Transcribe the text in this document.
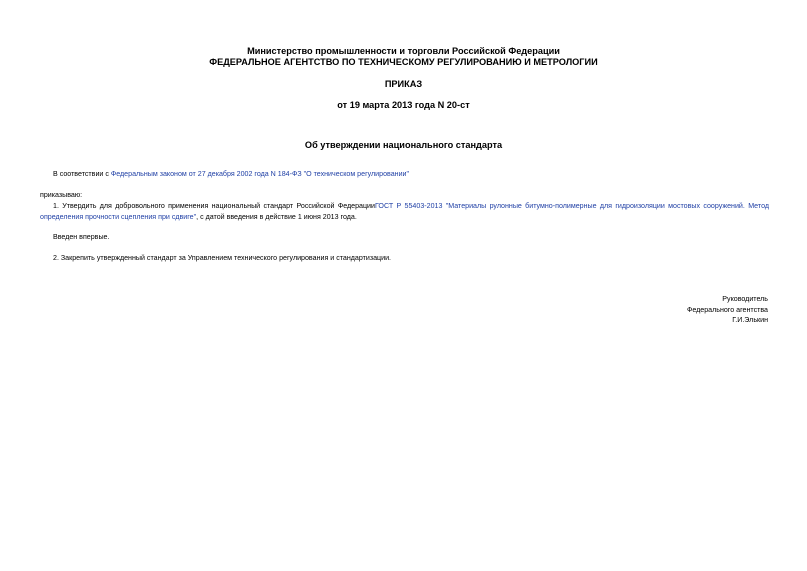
Министерство промышленности и торговли Российской Федерации
ФЕДЕРАЛЬНОЕ АГЕНТСТВО ПО ТЕХНИЧЕСКОМУ РЕГУЛИРОВАНИЮ И МЕТРОЛОГИИ
ПРИКАЗ
от 19 марта 2013 года N 20-ст
Об утверждении национального стандарта
В соответствии с Федеральным законом от 27 декабря 2002 года N 184-ФЗ "О техническом регулировании"
приказываю:
1. Утвердить для добровольного применения национальный стандарт Российской ФедерацииГОСТ Р 55403-2013 "Материалы рулонные битумно-полимерные для гидроизоляции мостовых сооружений. Метод определения прочности сцепления при сдвиге", с датой введения в действие 1 июня 2013 года.
Введен впервые.
2. Закрепить утвержденный стандарт за Управлением технического регулирования и стандартизации.
Руководитель
Федерального агентства
Г.И.Элькин
